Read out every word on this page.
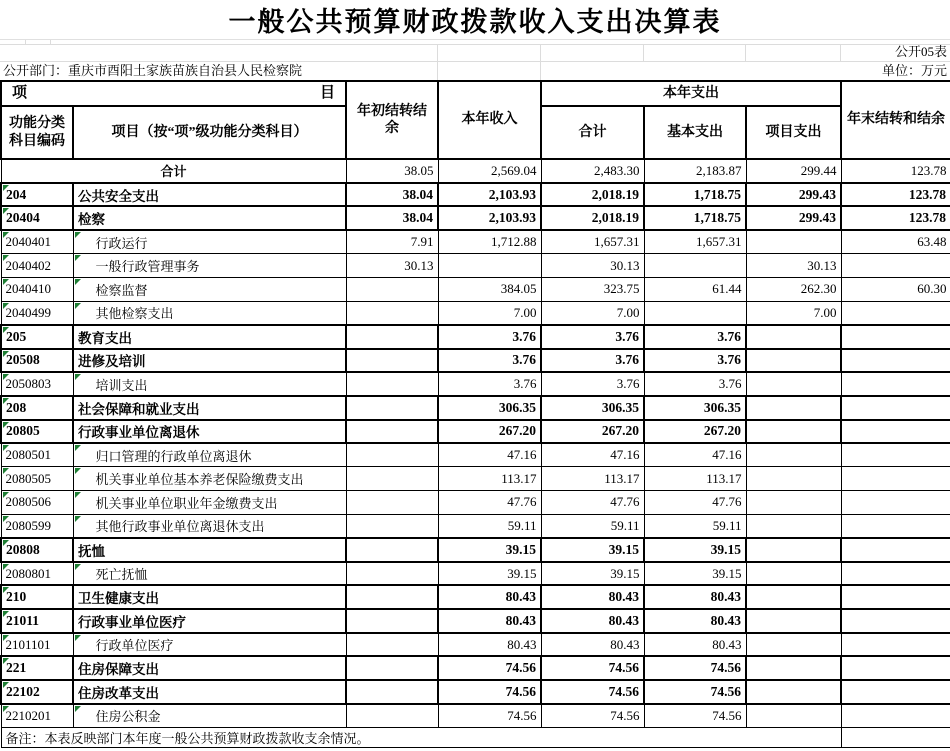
一般公共预算财政拨款收入支出决算表
公开05表
公开部门：重庆市酉阳土家族苗族自治县人民检察院	单位：万元
项 目		年初结转结余	本年收入	本年支出			年末结转和结余
功能分类科目编码	项目（按“项”级功能分类科目）			合计	基本支出	项目支出	
合计		38.05	2,569.04	2,483.30	2,183.87	299.44	123.78

204	公共安全支出	38.04	2,103.93	2,018.19	1,718.75	299.43	123.78

20404	检察	38.04	2,103.93	2,018.19	1,718.75	299.43	123.78

2040401	行政运行	7.91	1,712.88	1,657.31	1,657.31		63.48

2040402	一般行政管理事务	30.13		30.13		30.13	

2040410	检察监督		384.05	323.75	61.44	262.30	60.30

2040499	其他检察支出		7.00	7.00		7.00	

205	教育支出		3.76	3.76	3.76		

20508	进修及培训		3.76	3.76	3.76		

2050803	培训支出		3.76	3.76	3.76		

208	社会保障和就业支出		306.35	306.35	306.35		

20805	行政事业单位离退休		267.20	267.20	267.20		

2080501	归口管理的行政单位离退休		47.16	47.16	47.16		

2080505	机关事业单位基本养老保险缴费支出		113.17	113.17	113.17		

2080506	机关事业单位职业年金缴费支出		47.76	47.76	47.76		

2080599	其他行政事业单位离退休支出		59.11	59.11	59.11		

20808	抚恤		39.15	39.15	39.15		

2080801	死亡抚恤		39.15	39.15	39.15		

210	卫生健康支出		80.43	80.43	80.43		

21011	行政事业单位医疗		80.43	80.43	80.43		

2101101	行政单位医疗		80.43	80.43	80.43		

221	住房保障支出		74.56	74.56	74.56		

22102	住房改革支出		74.56	74.56	74.56		

2210201	住房公积金		74.56	74.56	74.56		
备注：本表反映部门本年度一般公共预算财政拨款收支余情况。							
